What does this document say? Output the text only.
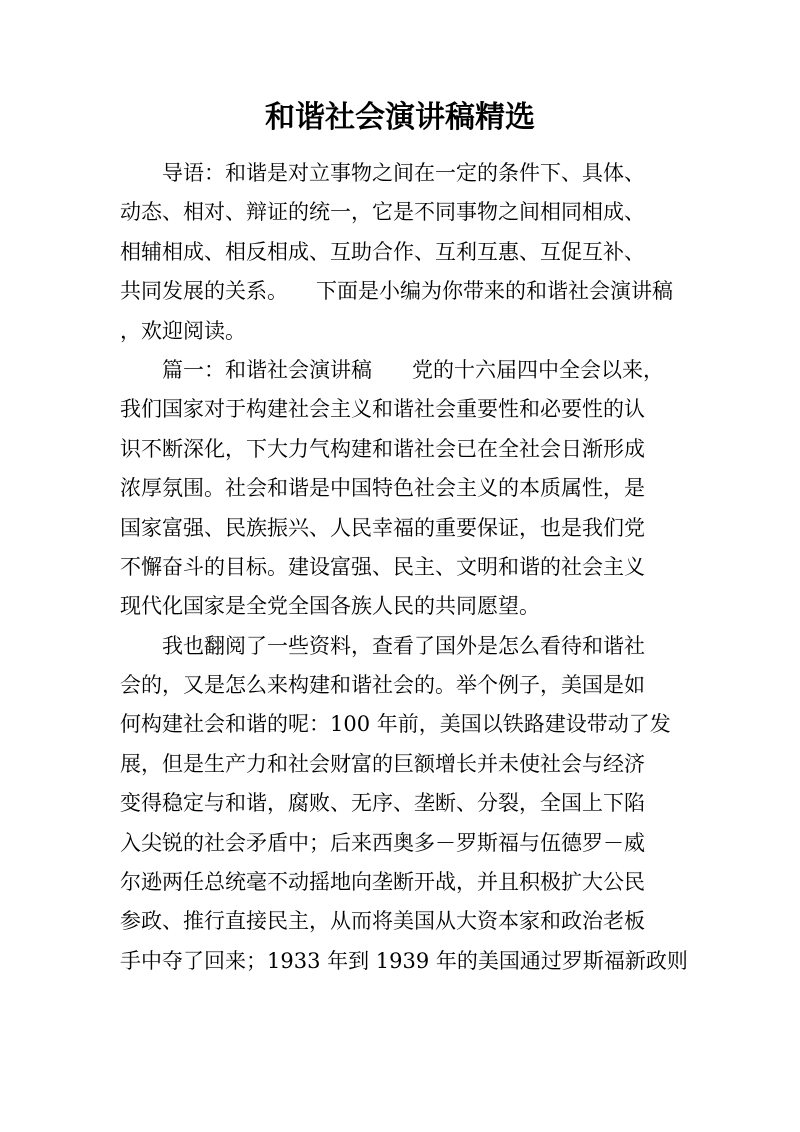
和谐社会演讲稿精选
导语：和谐是对立事物之间在一定的条件下、具体、
动态、相对、辩证的统一，它是不同事物之间相同相成、
相辅相成、相反相成、互助合作、互利互惠、互促互补、
共同发展的关系。 下面是小编为你带来的和谐社会演讲稿
，欢迎阅读。
篇一：和谐社会演讲稿 党的十六届四中全会以来，
我们国家对于构建社会主义和谐社会重要性和必要性的认
识不断深化，下大力气构建和谐社会已在全社会日渐形成
浓厚氛围。社会和谐是中国特色社会主义的本质属性，是
国家富强、民族振兴、人民幸福的重要保证，也是我们党
不懈奋斗的目标。建设富强、民主、文明和谐的社会主义
现代化国家是全党全国各族人民的共同愿望。
我也翻阅了一些资料，查看了国外是怎么看待和谐社
会的，又是怎么来构建和谐社会的。举个例子，美国是如
何构建社会和谐的呢：100 年前，美国以铁路建设带动了发
展，但是生产力和社会财富的巨额增长并未使社会与经济
变得稳定与和谐，腐败、无序、垄断、分裂，全国上下陷
入尖锐的社会矛盾中；后来西奥多－罗斯福与伍德罗－威
尔逊两任总统毫不动摇地向垄断开战，并且积极扩大公民
参政、推行直接民主，从而将美国从大资本家和政治老板
手中夺了回来；1933 年到 1939 年的美国通过罗斯福新政则
